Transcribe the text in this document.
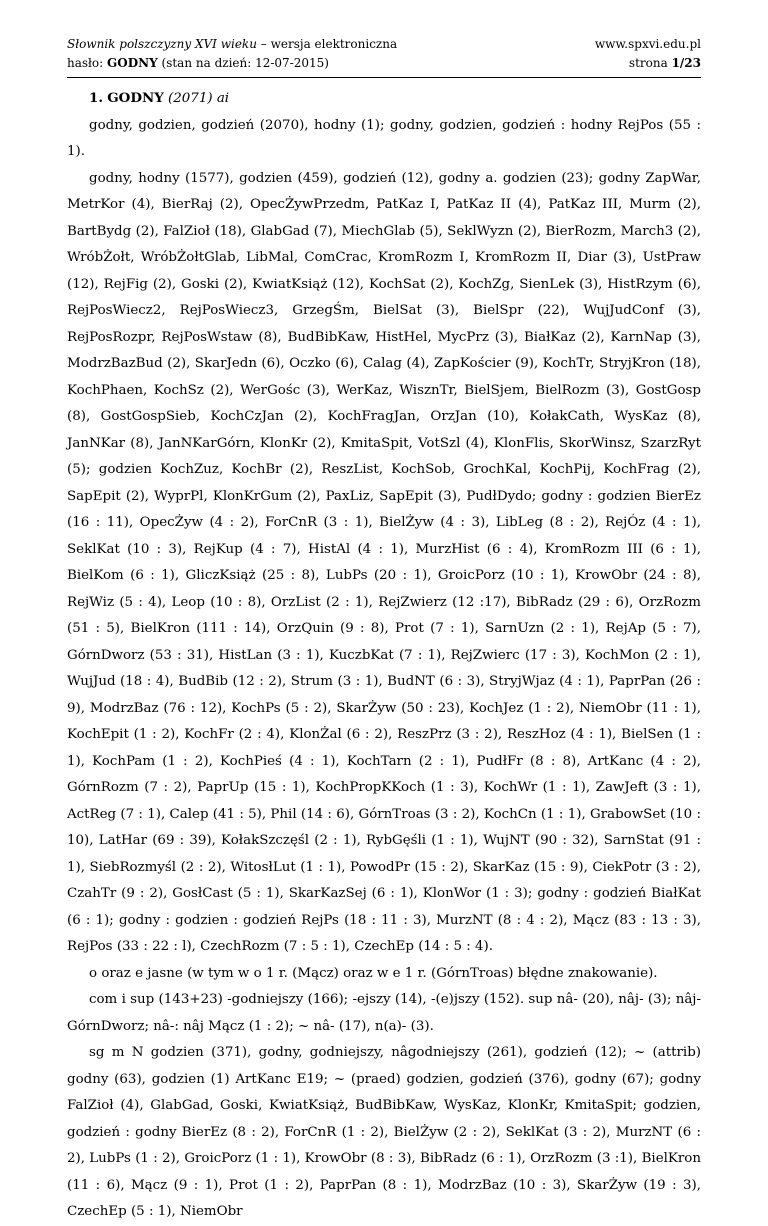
Słownik polszczyzny XVI wieku – wersja elektroniczna
hasło: GODNY (stan na dzień: 12-07-2015)
www.spxvi.edu.pl
strona 1/23

1. GODNY (2071) ai

godny, godzien, godzień (2070), hodny (1); godny, godzien, godzień : hodny RejPos (55 : 1).

godny, hodny (1577), godzien (459), godzień (12), godny a. godzien (23); godny ZapWar, MetrKor (4), BierRaj (2), OpecŻywPrzedm, PatKaz I, PatKaz II (4), PatKaz III, Murm (2), BartBydg (2), FalZioł (18), GlabGad (7), MiechGlab (5), SeklWyzn (2), BierRozm, March3 (2), WróbŻołt, WróbŻołtGlab, LibMal, ComCrac, KromRozm I, KromRozm II, Diar (3), UstPraw (12), RejFig (2), Goski (2), KwiatKsiąż (12), KochSat (2), KochZg, SienLek (3), HistRzym (6), RejPosWiecz2, RejPosWiecz3, GrzegŚm, BielSat (3), BielSpr (22), WujJudConf (3), RejPosRozpr, RejPosWstaw (8), BudBibKaw, HistHel, MycPrz (3), BiałKaz (2), KarnNap (3), ModrzBazBud (2), SkarJedn (6), Oczko (6), Calag (4), ZapKościer (9), KochTr, StryjKron (18), KochPhaen, KochSz (2), WerGośc (3), WerKaz, WisznTr, BielSjem, BielRozm (3), GostGosp (8), GostGospSieb, KochCzJan (2), KochFragJan, OrzJan (10), KołakCath, WysKaz (8), JanNKar (8), JanNKarGórn, KlonKr (2), KmitaSpit, VotSzl (4), KlonFlis, SkorWinsz, SzarzRyt (5); godzien KochZuz, KochBr (2), ReszList, KochSob, GrochKal, KochPij, KochFrag (2), SapEpit (2), WyprPl, KlonKrGum (2), PaxLiz, SapEpit (3), PudłDydo; godny : godzien BierEz (16 : 11), OpecŻyw (4 : 2), ForCnR (3 : 1), BielŻyw (4 : 3), LibLeg (8 : 2), RejÓz (4 : 1), SeklKat (10 : 3), RejKup (4 : 7), HistAl (4 : 1), MurzHist (6 : 4), KromRozm III (6 : 1), BielKom (6 : 1), GliczKsiąż (25 : 8), LubPs (20 : 1), GroicPorz (10 : 1), KrowObr (24 : 8), RejWiz (5 : 4), Leop (10 : 8), OrzList (2 : 1), RejZwierz (12 :17), BibRadz (29 : 6), OrzRozm (51 : 5), BielKron (111 : 14), OrzQuin (9 : 8), Prot (7 : 1), SarnUzn (2 : 1), RejAp (5 : 7), GórnDworz (53 : 31), HistLan (3 : 1), KuczbKat (7 : 1), RejZwierc (17 : 3), KochMon (2 : 1), WujJud (18 : 4), BudBib (12 : 2), Strum (3 : 1), BudNT (6 : 3), StryjWjaz (4 : 1), PaprPan (26 : 9), ModrzBaz (76 : 12), KochPs (5 : 2), SkarŻyw (50 : 23), KochJez (1 : 2), NiemObr (11 : 1), KochEpit (1 : 2), KochFr (2 : 4), KlonŻal (6 : 2), ReszPrz (3 : 2), ReszHoz (4 : 1), BielSen (1 : 1), KochPam (1 : 2), KochPieś (4 : 1), KochTarn (2 : 1), PudłFr (8 : 8), ArtKanc (4 : 2), GórnRozm (7 : 2), PaprUp (15 : 1), KochPropKKoch (1 : 3), KochWr (1 : 1), ZawJeft (3 : 1), ActReg (7 : 1), Calep (41 : 5), Phil (14 : 6), GórnTroas (3 : 2), KochCn (1 : 1), GrabowSet (10 : 10), LatHar (69 : 39), KołakSzczęśl (2 : 1), RybGęśli (1 : 1), WujNT (90 : 32), SarnStat (91 : 1), SiebRozmyśl (2 : 2), WitosłLut (1 : 1), PowodPr (15 : 2), SkarKaz (15 : 9), CiekPotr (3 : 2), CzahTr (9 : 2), GosłCast (5 : 1), SkarKazSej (6 : 1), KlonWor (1 : 3); godny : godzień BiałKat (6 : 1); godny : godzien : godzień RejPs (18 : 11 : 3), MurzNT (8 : 4 : 2), Mącz (83 : 13 : 3), RejPos (33 : 22 : l), CzechRozm (7 : 5 : 1), CzechEp (14 : 5 : 4).

o oraz e jasne (w tym w o 1 r. (Mącz) oraz w e 1 r. (GórnTroas) błędne znakowanie).

com i sup (143+23) -godniejszy (166); -ejszy (14), -(e)jszy (152). sup nâ- (20), nâj- (3); nâj- GórnDworz; nâ-: nâj Mącz (1 : 2); ~ nâ- (17), n(a)- (3).

sg m N godzien (371), godny, godniejszy, nâgodniejszy (261), godzień (12); ~ (attrib) godny (63), godzien (1) ArtKanc E19; ~ (praed) godzien, godzień (376), godny (67); godny FalZioł (4), GlabGad, Goski, KwiatKsiąż, BudBibKaw, WysKaz, KlonKr, KmitaSpit; godzien, godzień : godny BierEz (8 : 2), ForCnR (1 : 2), BielŻyw (2 : 2), SeklKat (3 : 2), MurzNT (6 : 2), LubPs (1 : 2), GroicPorz (1 : 1), KrowObr (8 : 3), BibRadz (6 : 1), OrzRozm (3 :1), BielKron (11 : 6), Mącz (9 : 1), Prot (1 : 2), PaprPan (8 : 1), ModrzBaz (10 : 3), SkarŻyw (19 : 3), CzechEp (5 : 1), NiemObr
